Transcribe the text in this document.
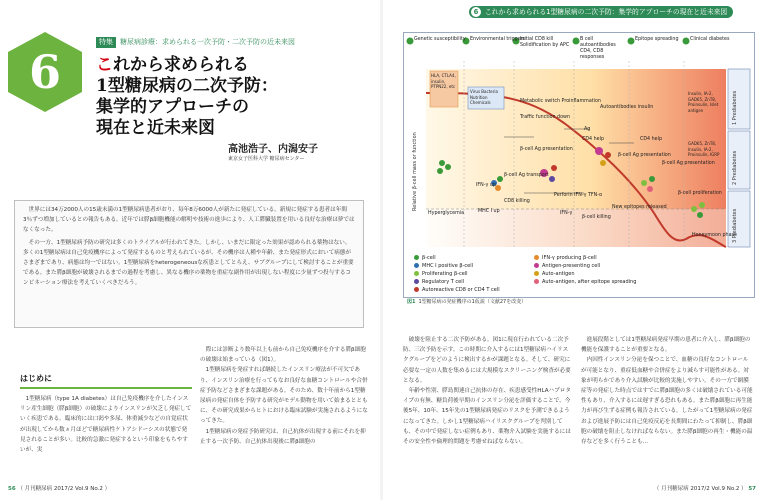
6
特集 糖尿病診療：求められる一次予防・二次予防の近未来図
これから求められる
1型糖尿病の二次予防：
集学的アプローチの
現在と近未来図
高池浩子、内潟安子
東京女子医科大学 糖尿病センター

世界には34万2000人の15歳未満の1型糖尿病患者がおり、毎年8万6000人が新たに発症している。新規に発症する患者は年間3％ずつ増加しているとの報告もある。近年では膵β細胞機能の解明や技術の進歩により、人工膵臓装置を用いる良好な治療は夢ではなくなった。

その一方、1型糖尿病予防の研究は多くのトライアルが行われてきた。しかし、いまだに限定った効果が認められる薬物はない。多くの1型糖尿病は自己免疫機序によって発症するものと考えられているが、その機序は人種や年齢、また発症形式において病態がさまざまであり、病態は均一ではない。1型糖尿病をheterogeneousな疾患としてとらえ、サブグループにして検討することが重要である。また膵β細胞が破壊されるまでの過程を考慮し、異なる機序の薬物を重症な副作用が出現しない程度に少量ずつ投与するコンビネーション療法を考えていくべきだろう。

はじめに

1型糖尿病（type 1A diabetes）は自己免疫機序を介したインスリン産生細胞（膵β細胞）の破壊によりインスリンが欠乏し発症していく疾患である。臨床的には口渇や多尿、体重減少などの自覚症状が出現してから数ヵ月ほどで糖尿病性ケトアシドーシスの状態で発見されることが多い。比較的急激に発症するという印象をもちやすいが、実

際には診断より数年以上も前から自己免疫機序を介する膵β細胞の破壊は始まっている（図1）。

1型糖尿病を発症すれば継続したインスリン療法が不可欠であり、インスリン治療を行ってもなお良好な血糖コントロールや合併症予防などさまざまな課題がある。そのため、数十年前から1型糖尿病の発症自体を予防する研究がモデル動物を用いて始まるとともに、その研究成果からヒトにおける臨床試験が実施されるようになってきた。

1型糖尿病の発症予防研究は、自己抗体が出現する前にそれを抑止する一次予防、自己抗体出現後に膵β細胞の

56 （ 月刊糖尿病 2017/2 Vol.9 No.2 ）
6 これから求められる1型糖尿病の二次予防：集学的アプローチの現在と近未来図
Genetic susceptibility Environmental triggers
Initial CD8 kill Solidification by APC
B cell autoantibodies CD4, CD8 responses
Epitope spreading Clinical diabetes
HLA, CTLA4, insulin, PTPN22, etc
Virus Bacteria Nutrition Chemicals	Metabolic switch Proinflammation
Traffic function down
Autoantibodies insulin
Ag
CD4 help	CD4 help
β-cell Ag presentation
β-cell Ag presentation
β-cell Ag transport
β-cell Ag presentation
β-cell proliferation
IFN-γ up
Perforin IFN-γ TFN-α
CD8 killing
MHC I up
New epitopes released
β-cell killing
IFN-γ
GAD65, ZnT8, Insulin, IA-2, Proinsulin, IGRP
Insulin, IA-2, GAD65, ZnT8, Proinsulin, Islet antigen
Honeymoon phase
Hyperglycemia
Relative β-cell mass or function
1 Prediabetes
2 Prediabetes
3 Prediabetes
β-cell	IFN-γ producing β-cell
MHC I positive β-cell	Antigen-presenting cell
Proliferating β-cell	Auto-antigen
Regulatory T cell	Auto-antigen, after epitope spreading
Autoreactive CD8 or CD4 T cell
図1 1型糖尿病の発症機序の1仮説（文献27を改変）

破壊を阻止する二次予防がある。図1に現在行われている二次予防、三次予防を示す。この時期に介入するには1型糖尿病ハイリスクグループをどのように検出するかが課題となる。そして、研究に必要な一定の人数を集めるには大規模なスクリーニング検査が必要となる。

年齢や性別、膵島関連自己抗体の存在、疾患感受性HLAハプロタイプの有無、糖負荷後早期のインスリン分泌を評価することで、今後5年、10年、15年先の1型糖尿病発症のリスクを予測できるようになってきた。しかし1型糖尿病ハイリスクグループを判別しても、その中で発症しない症例もあり、薬物介入試験を実施するにはその安全性や倫理的問題を考慮せねばならない。

進展段階としては1型糖尿病発症早期の患者に介入し、膵β細胞の機能を保護することが重要となる。

内因性インスリン分泌を保つことで、血糖の良好なコントロールが可能となり、重症低血糖や合併症をより減らす可能性がある。対象が明らかであり介入試験が比較的実施しやすい。その一方で網膜症等の発症した時点ではすでに膵β細胞の多くは破壊されている可能性もあり、介入するには遅すぎる恐れもある。また膵β細胞に再生能力が再び生ずる症例も報告されている。したがって1型糖尿病の発症および進展予防には自己免疫反応を長期間にわたって抑制し、膵β細胞の破壊を阻止しなければならない。また膵β細胞の再生・機能の温存などを多く行うことも…

（ 月刊糖尿病 2017/2 Vol.9 No.2 ） 57
